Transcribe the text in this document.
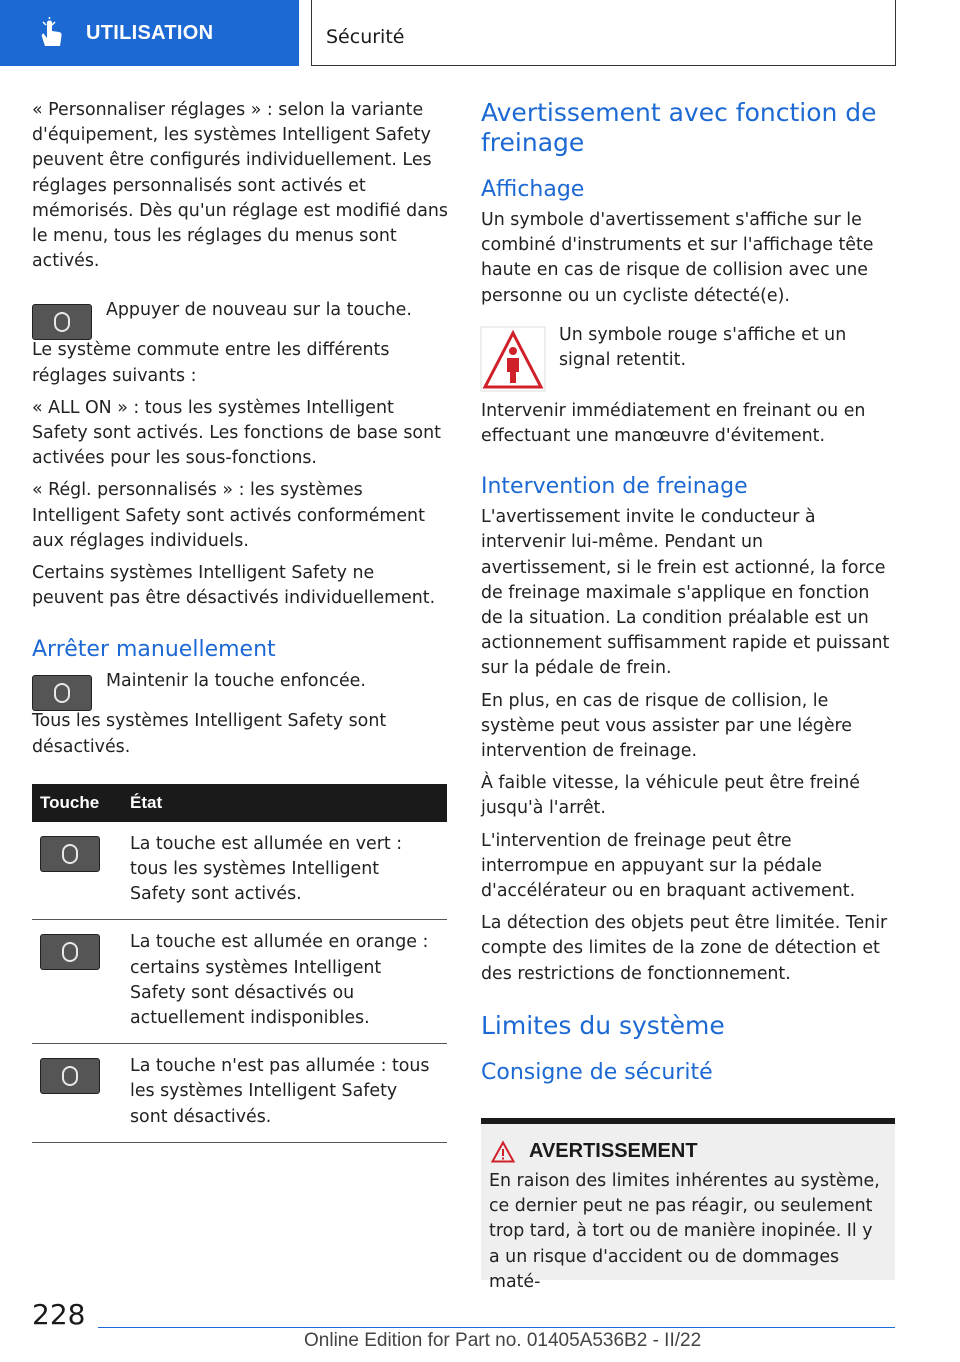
UTILISATION	Sécurité

« Personnaliser réglages » : selon la variante d'équipement, les systèmes Intelligent Safety peuvent être configurés individuellement. Les réglages personnalisés sont activés et mémorisés. Dès qu'un réglage est modifié dans le menu, tous les réglages du menus sont activés.

Appuyer de nouveau sur la touche.

Le système commute entre les différents réglages suivants :

« ALL ON » : tous les systèmes Intelligent Safety sont activés. Les fonctions de base sont activées pour les sous-fonctions.

« Régl. personnalisés » : les systèmes Intelligent Safety sont activés conformément aux réglages individuels.

Certains systèmes Intelligent Safety ne peuvent pas être désactivés individuellement.

Arrêter manuellement

Maintenir la touche enfoncée.

Tous les systèmes Intelligent Safety sont désactivés.

Touche	État

	La touche est allumée en vert : tous les systèmes Intelligent Safety sont activés.

	La touche est allumée en orange : certains systèmes Intelligent Safety sont désactivés ou actuellement indisponibles.

	La touche n'est pas allumée : tous les systèmes Intelligent Safety sont désactivés.
Avertissement avec fonction de freinage
Affichage

Un symbole d'avertissement s'affiche sur le combiné d'instruments et sur l'affichage tête haute en cas de risque de collision avec une personne ou un cycliste détecté(e).

Un symbole rouge s'affiche et un signal retentit.

Intervenir immédiatement en freinant ou en effectuant une manœuvre d'évitement.

Intervention de freinage

L'avertissement invite le conducteur à intervenir lui-même. Pendant un avertissement, si le frein est actionné, la force de freinage maximale s'applique en fonction de la situation. La condition préalable est un actionnement suffisamment rapide et puissant sur la pédale de frein.

En plus, en cas de risque de collision, le système peut vous assister par une légère intervention de freinage.

À faible vitesse, la véhicule peut être freiné jusqu'à l'arrêt.

L'intervention de freinage peut être interrompue en appuyant sur la pédale d'accélérateur ou en braquant activement.

La détection des objets peut être limitée. Tenir compte des limites de la zone de détection et des restrictions de fonctionnement.

Limites du système
Consigne de sécurité
AVERTISSEMENT

En raison des limites inhérentes au système, ce dernier peut ne pas réagir, ou seulement trop tard, à tort ou de manière inopinée. Il y a un risque d'accident ou de dommages maté-

228
Online Edition for Part no. 01405A536B2 - II/22
